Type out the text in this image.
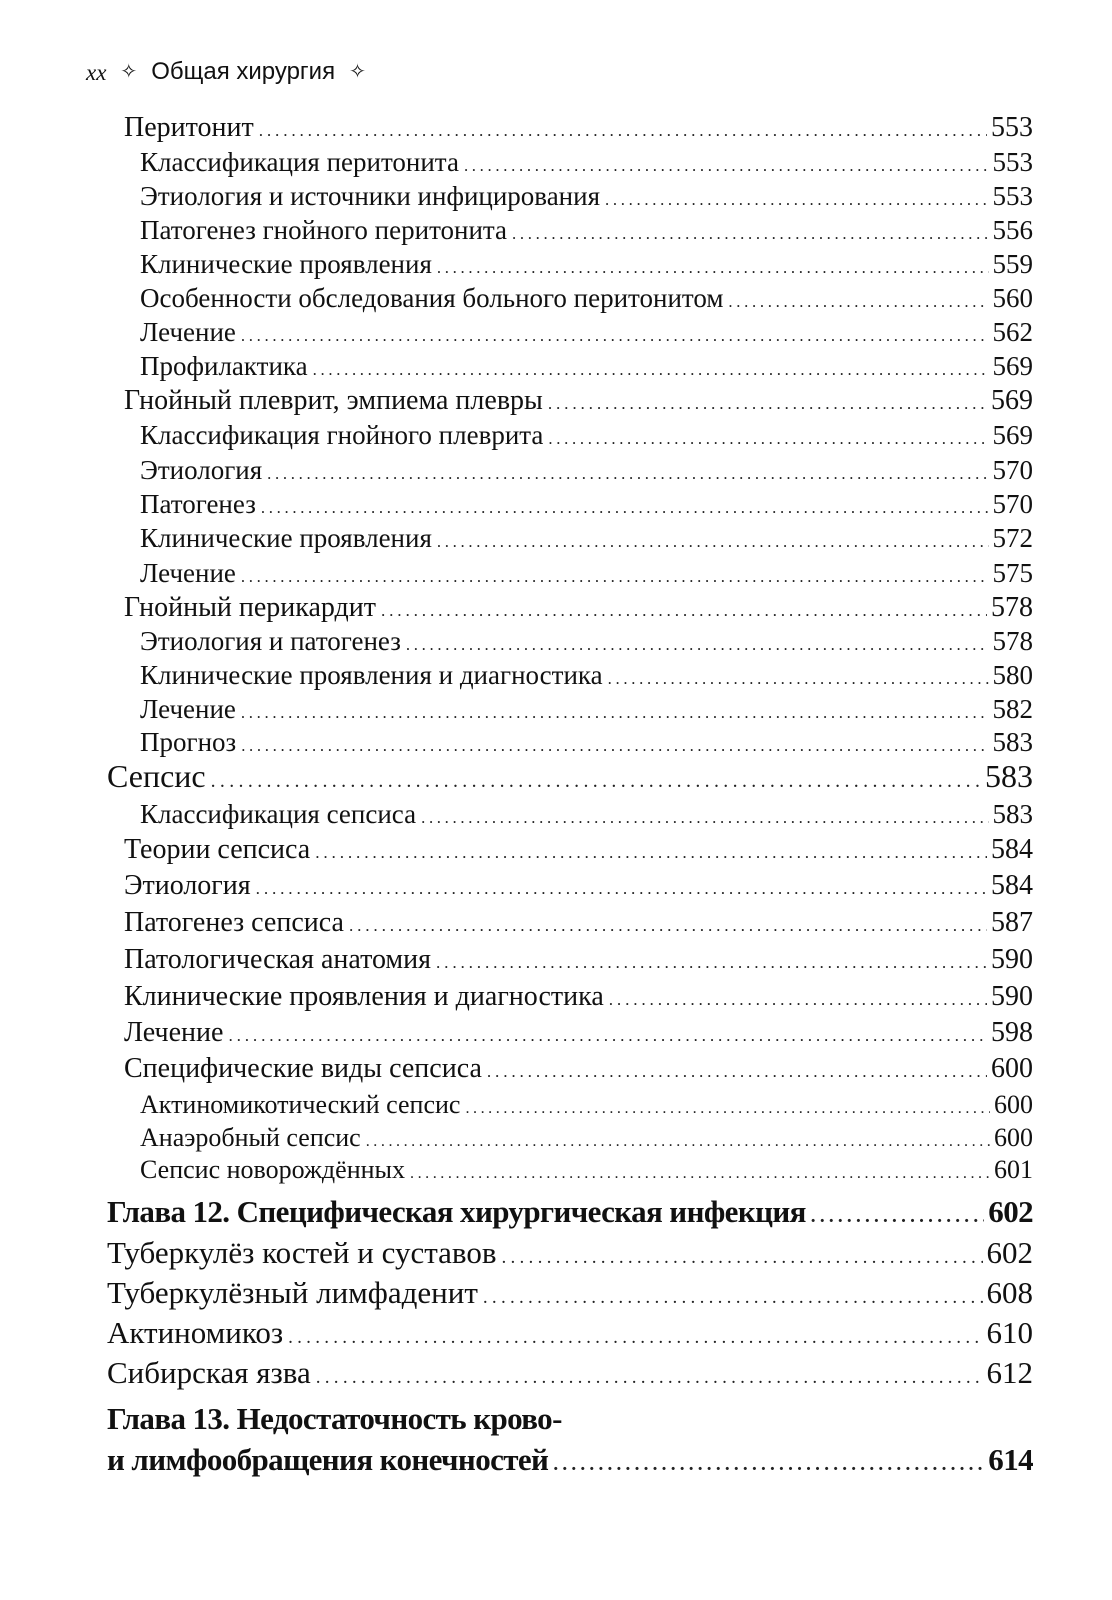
xx ✧ Общая хирургия ✧
Перитонит .....	553
Классификация перитонита .....	553
Этиология и источники инфицирования .....	553
Патогенез гнойного перитонита .....	556
Клинические проявления .....	559
Особенности обследования больного перитонитом .....	560
Лечение .....	562
Профилактика .....	569
Гнойный плеврит, эмпиема плевры .....	569
Классификация гнойного плеврита .....	569
Этиология .....	570
Патогенез .....	570
Клинические проявления .....	572
Лечение .....	575
Гнойный перикардит .....	578
Этиология и патогенез .....	578
Клинические проявления и диагностика .....	580
Лечение .....	582
Прогноз .....	583
Сепсис .....	583
Классификация сепсиса .....	583
Теории сепсиса .....	584
Этиология .....	584
Патогенез сепсиса .....	587
Патологическая анатомия .....	590
Клинические проявления и диагностика .....	590
Лечение .....	598
Специфические виды сепсиса .....	600
Актиномикотический сепсис .....	600
Анаэробный сепсис .....	600
Сепсис новорождённых .....	601
Глава 12. Специфическая хирургическая инфекция .....	602
Туберкулёз костей и суставов .....	602
Туберкулёзный лимфаденит .....	608
Актиномикоз .....	610
Сибирская язва .....	612
Глава 13. Недостаточность крово-
и лимфообращения конечностей .....	614
